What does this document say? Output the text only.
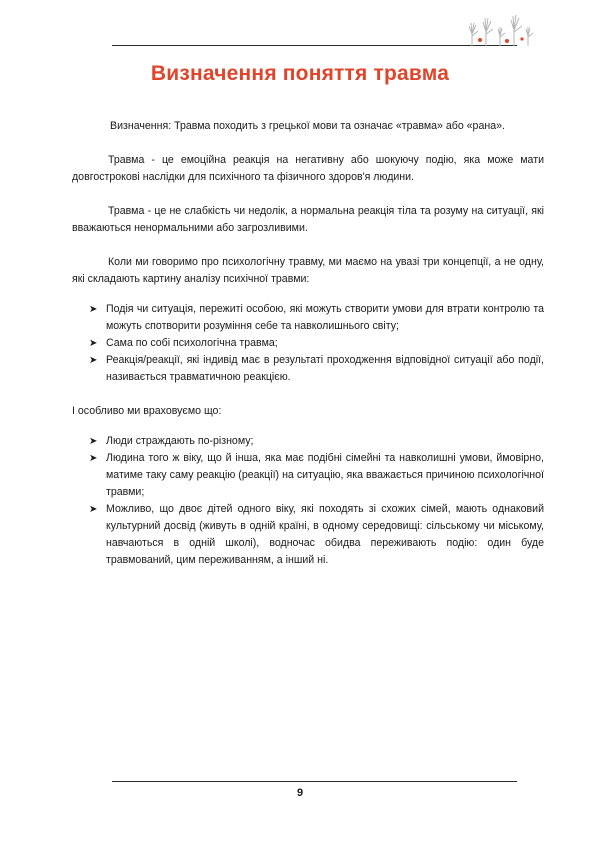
Визначення поняття травма

Визначення: Травма походить з грецької мови та означає «травма» або «рана».

Травма - це емоційна реакція на негативну або шокуючу подію, яка може мати довгострокові наслідки для психічного та фізичного здоров'я людини.

Травма - це не слабкість чи недолік, а нормальна реакція тіла та розуму на ситуації, які вважаються ненормальними або загрозливими.

Коли ми говоримо про психологічну травму, ми маємо на увазі три концепції, а не одну, які складають картину аналізу психічної травми:

➤ Подія чи ситуація, пережиті особою, які можуть створити умови для втрати контролю та можуть спотворити розуміння себе та навколишнього світу;
➤ Сама по собі психологічна травма;
➤ Реакція/реакції, які індивід має в результаті проходження відповідної ситуації або події, називається травматичною реакцією.

І особливо ми враховуємо що:

➤ Люди страждають по-різному;
➤ Людина того ж віку, що й інша, яка має подібні сімейні та навколишні умови, ймовірно, матиме таку саму реакцію (реакції) на ситуацію, яка вважається причиною психологічної травми;
➤ Можливо, що двоє дітей одного віку, які походять зі схожих сімей, мають однаковий культурний досвід (живуть в одній країні, в одному середовищі: сільському чи міському, навчаються в одній школі), водночас обидва переживають подію: один буде травмований, цим переживанням, а інший ні.
9
